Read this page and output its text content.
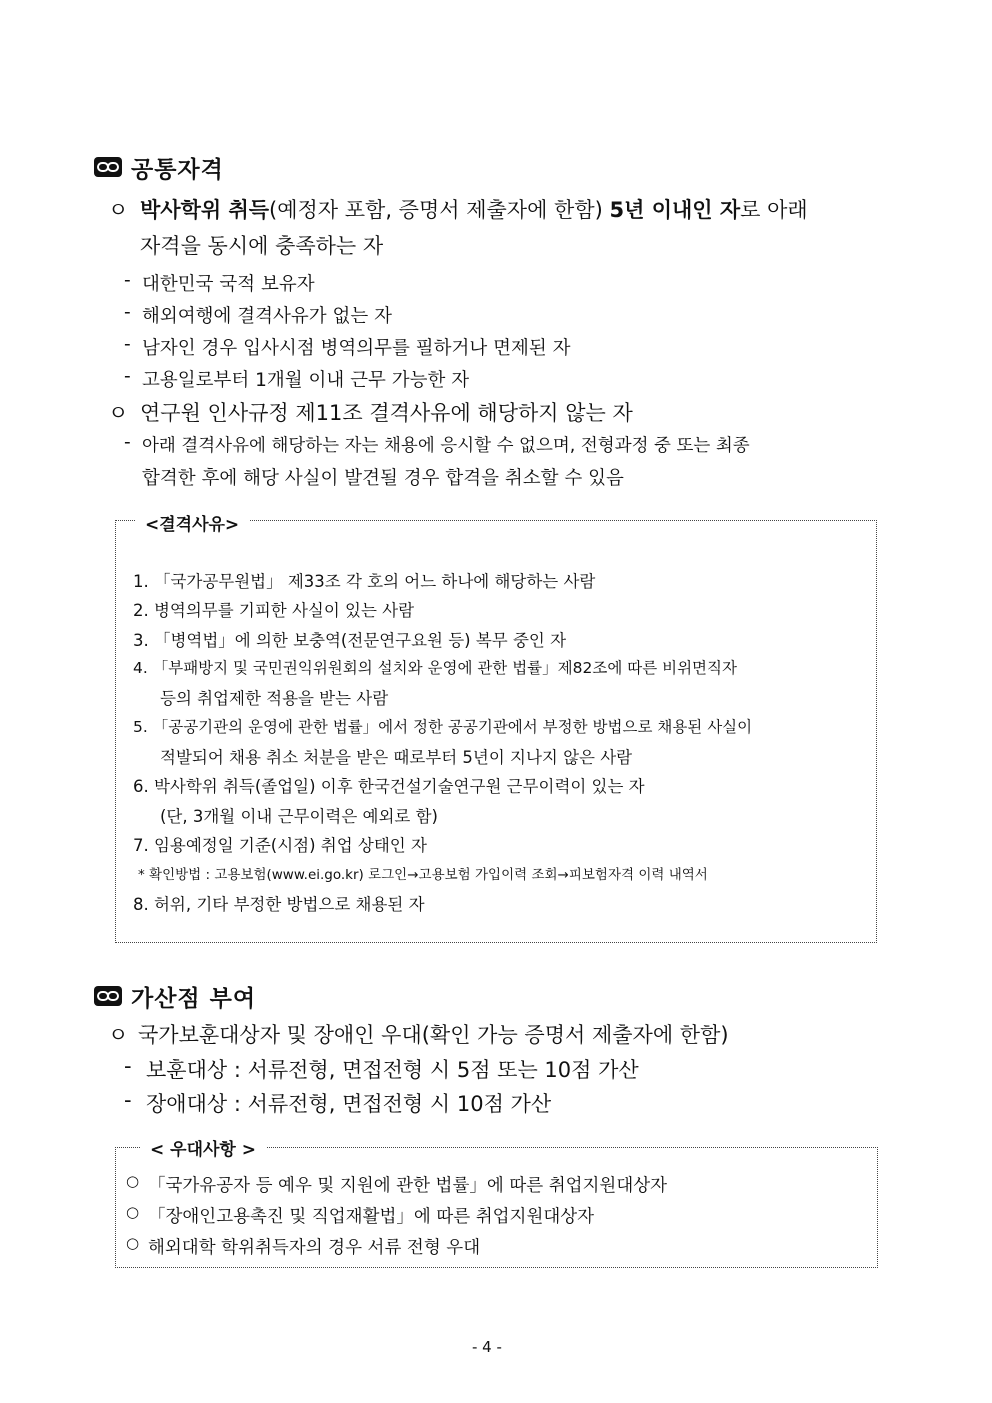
공통자격
ㅇ 박사학위 취득(예정자 포함, 증명서 제출자에 한함) 5년 이내인 자로 아래
자격을 동시에 충족하는 자
- 대한민국 국적 보유자
- 해외여행에 결격사유가 없는 자
- 남자인 경우 입사시점 병역의무를 필하거나 면제된 자
- 고용일로부터 1개월 이내 근무 가능한 자
ㅇ 연구원 인사규정 제11조 결격사유에 해당하지 않는 자
- 아래 결격사유에 해당하는 자는 채용에 응시할 수 없으며, 전형과정 중 또는 최종
합격한 후에 해당 사실이 발견될 경우 합격을 취소할 수 있음
<결격사유>
1. 「국가공무원법」 제33조 각 호의 어느 하나에 해당하는 사람
2. 병역의무를 기피한 사실이 있는 사람
3. 「병역법」에 의한 보충역(전문연구요원 등) 복무 중인 자
4. 「부패방지 및 국민권익위원회의 설치와 운영에 관한 법률」제82조에 따른 비위면직자
등의 취업제한 적용을 받는 사람
5. 「공공기관의 운영에 관한 법률」에서 정한 공공기관에서 부정한 방법으로 채용된 사실이
적발되어 채용 취소 처분을 받은 때로부터 5년이 지나지 않은 사람
6. 박사학위 취득(졸업일) 이후 한국건설기술연구원 근무이력이 있는 자
(단, 3개월 이내 근무이력은 예외로 함)
7. 임용예정일 기준(시점) 취업 상태인 자
* 확인방법 : 고용보험(www.ei.go.kr) 로그인→고용보험 가입이력 조회→피보험자격 이력 내역서
8. 허위, 기타 부정한 방법으로 채용된 자
가산점 부여
ㅇ 국가보훈대상자 및 장애인 우대(확인 가능 증명서 제출자에 한함)
- 보훈대상 : 서류전형, 면접전형 시 5점 또는 10점 가산
- 장애대상 : 서류전형, 면접전형 시 10점 가산
< 우대사항 >
○ 「국가유공자 등 예우 및 지원에 관한 법률」에 따른 취업지원대상자
○ 「장애인고용촉진 및 직업재활법」에 따른 취업지원대상자
○ 해외대학 학위취득자의 경우 서류 전형 우대
- 4 -
